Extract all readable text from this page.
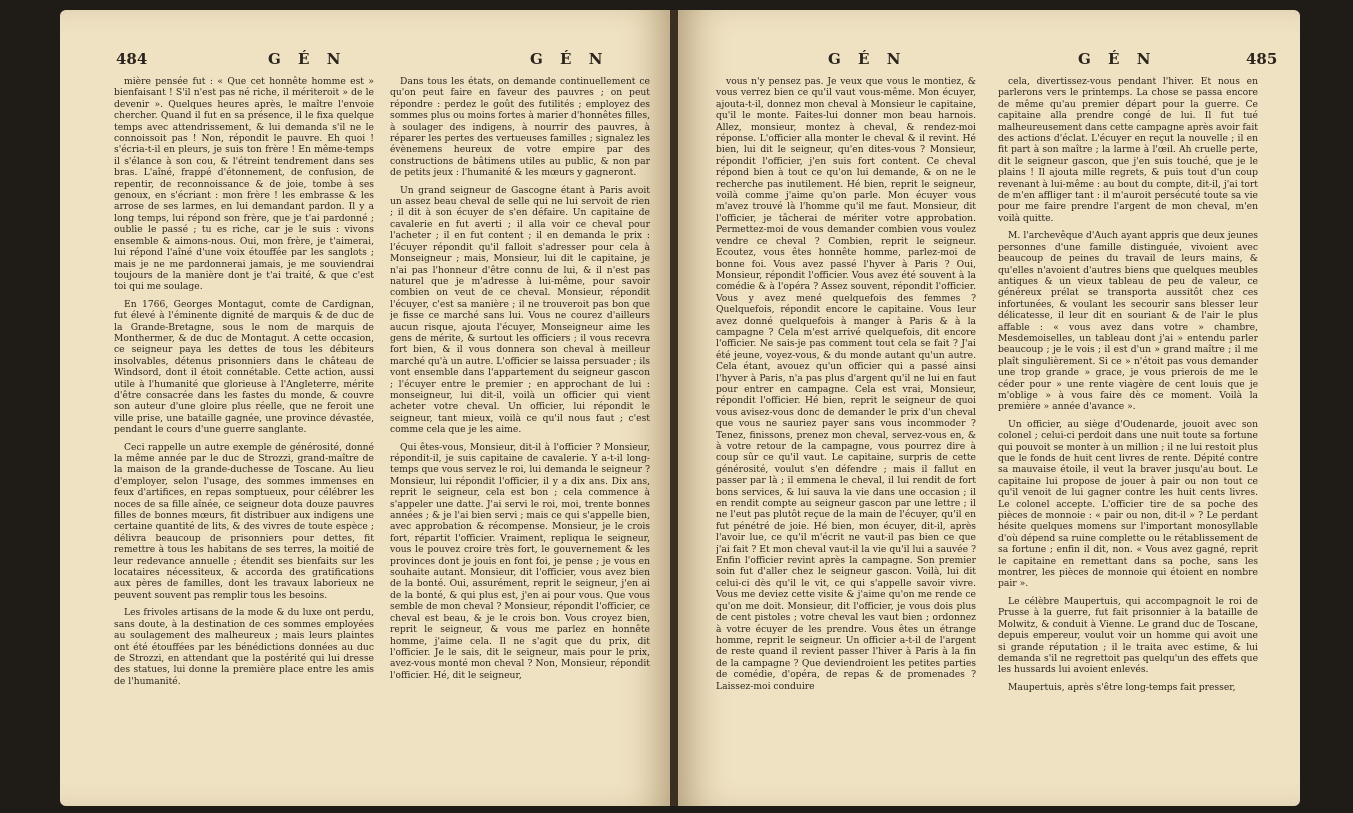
484	G É N	G É N

mière pensée fut : « Que cet honnête homme est » bienfaisant ! S'il n'est pas né riche, il mériteroit » de le devenir ». Quelques heures après, le maître l'envoie chercher. Quand il fut en sa présence, il le fixa quelque temps avec attendrissement, & lui demanda s'il ne le connoissoit pas ! Non, répondit le pauvre. Eh quoi ! s'écria-t-il en pleurs, je suis ton frère ! En même-temps il s'élance à son cou, & l'étreint tendrement dans ses bras. L'aîné, frappé d'étonnement, de confusion, de repentir, de reconnoissance & de joie, tombe à ses genoux, en s'écriant : mon frère ! les embrasse & les arrose de ses larmes, en lui demandant pardon. Il y a long temps, lui répond son frère, que je t'ai pardonné ; oublie le passé ; tu es riche, car je le suis : vivons ensemble & aimons-nous. Oui, mon frère, je t'aimerai, lui répond l'aîné d'une voix étouffée par les sanglots ; mais je ne me pardonnerai jamais, je me souviendrai toujours de la manière dont je t'ai traité, & que c'est toi qui me soulage.

En 1766, Georges Montagut, comte de Cardignan, fut élevé à l'éminente dignité de marquis & de duc de la Grande-Bretagne, sous le nom de marquis de Monthermer, & de duc de Montagut. A cette occasion, ce seigneur paya les dettes de tous les débiteurs insolvables, détenus prisonniers dans le château de Windsord, dont il étoit connétable. Cette action, aussi utile à l'humanité que glorieuse à l'Angleterre, mérite d'être consacrée dans les fastes du monde, & couvre son auteur d'une gloire plus réelle, que ne feroit une ville prise, une bataille gagnée, une province dévastée, pendant le cours d'une guerre sanglante.

Ceci rappelle un autre exemple de générosité, donné la même année par le duc de Strozzi, grand-maître de la maison de la grande-duchesse de Toscane. Au lieu d'employer, selon l'usage, des sommes immenses en feux d'artifices, en repas somptueux, pour célébrer les noces de sa fille aînée, ce seigneur dota douze pauvres filles de bonnes mœurs, fit distribuer aux indigens une certaine quantité de lits, & des vivres de toute espèce ; délivra beaucoup de prisonniers pour dettes, fit remettre à tous les habitans de ses terres, la moitié de leur redevance annuelle ; étendit ses bienfaits sur les locataires nécessiteux, & accorda des gratifications aux pères de familles, dont les travaux laborieux ne peuvent souvent pas remplir tous les besoins.

Les frivoles artisans de la mode & du luxe ont perdu, sans doute, à la destination de ces sommes employées au soulagement des malheureux ; mais leurs plaintes ont été étouffées par les bénédictions données au duc de Strozzi, en attendant que la postérité qui lui dresse des statues, lui donne la première place entre les amis de l'humanité.

Dans tous les états, on demande continuellement ce qu'on peut faire en faveur des pauvres ; on peut répondre : perdez le goût des futilités ; employez des sommes plus ou moins fortes à marier d'honnêtes filles, à soulager des indigens, à nourrir des pauvres, à réparer les pertes des vertueuses familles ; signalez les évènemens heureux de votre empire par des constructions de bâtimens utiles au public, & non par de petits jeux : l'humanité & les mœurs y gagneront.

Un grand seigneur de Gascogne étant à Paris avoit un assez beau cheval de selle qui ne lui servoit de rien ; il dit à son écuyer de s'en défaire. Un capitaine de cavalerie en fut averti ; il alla voir ce cheval pour l'acheter ; il en fut content ; il en demanda le prix : l'écuyer répondit qu'il falloit s'adresser pour cela à Monseigneur ; mais, Monsieur, lui dit le capitaine, je n'ai pas l'honneur d'être connu de lui, & il n'est pas naturel que je m'adresse à lui-même, pour savoir combien on veut de ce cheval. Monsieur, répondit l'écuyer, c'est sa manière ; il ne trouveroit pas bon que je fisse ce marché sans lui. Vous ne courez d'ailleurs aucun risque, ajouta l'écuyer, Monseigneur aime les gens de mérite, & surtout les officiers ; il vous recevra fort bien, & il vous donnera son cheval à meilleur marché qu'à un autre. L'officier se laissa persuader ; ils vont ensemble dans l'appartement du seigneur gascon ; l'écuyer entre le premier ; en approchant de lui : monseigneur, lui dit-il, voilà un officier qui vient acheter votre cheval. Un officier, lui répondit le seigneur, tant mieux, voilà ce qu'il nous faut ; c'est comme cela que je les aime.

Qui êtes-vous, Monsieur, dit-il à l'officier ? Monsieur, répondit-il, je suis capitaine de cavalerie. Y a-t-il long-temps que vous servez le roi, lui demanda le seigneur ? Monsieur, lui répondit l'officier, il y a dix ans. Dix ans, reprit le seigneur, cela est bon ; cela commence à s'appeler une datte. J'ai servi le roi, moi, trente bonnes années ; & je l'ai bien servi ; mais ce qui s'appelle bien, avec approbation & récompense. Monsieur, je le crois fort, répartit l'officier. Vraiment, repliqua le seigneur, vous le pouvez croire très fort, le gouvernement & les provinces dont je jouis en font foi, je pense ; je vous en souhaite autant. Monsieur, dit l'officier, vous avez bien de la bonté. Oui, assurément, reprit le seigneur, j'en ai de la bonté, & qui plus est, j'en ai pour vous. Que vous semble de mon cheval ? Monsieur, répondit l'officier, ce cheval est beau, & je le crois bon. Vous croyez bien, reprit le seigneur, & vous me parlez en honnête homme, j'aime cela. Il ne s'agit que du prix, dit l'officier. Je le sais, dit le seigneur, mais pour le prix, avez-vous monté mon cheval ? Non, Monsieur, répondit l'officier. Hé, dit le seigneur,

G É N	G É N	485

vous n'y pensez pas. Je veux que vous le montiez, & vous verrez bien ce qu'il vaut vous-même. Mon écuyer, ajouta-t-il, donnez mon cheval à Monsieur le capitaine, qu'il le monte. Faites-lui donner mon beau harnois. Allez, monsieur, montez à cheval, & rendez-moi réponse. L'officier alla monter le cheval & il revint. Hé bien, lui dit le seigneur, qu'en dites-vous ? Monsieur, répondit l'officier, j'en suis fort content. Ce cheval répond bien à tout ce qu'on lui demande, & on ne le recherche pas inutilement. Hé bien, reprit le seigneur, voilà comme j'aime qu'on parle. Mon écuyer vous m'avez trouvé là l'homme qu'il me faut. Monsieur, dit l'officier, je tâcherai de mériter votre approbation. Permettez-moi de vous demander combien vous voulez vendre ce cheval ? Combien, reprit le seigneur. Ecoutez, vous êtes honnête homme, parlez-moi de bonne foi. Vous avez passé l'hyver à Paris ? Oui, Monsieur, répondit l'officier. Vous avez été souvent à la comédie & à l'opéra ? Assez souvent, répondit l'officier. Vous y avez mené quelquefois des femmes ? Quelquefois, répondit encore le capitaine. Vous leur avez donné quelquefois à manger à Paris & à la campagne ? Cela m'est arrivé quelquefois, dit encore l'officier. Ne sais-je pas comment tout cela se fait ? J'ai été jeune, voyez-vous, & du monde autant qu'un autre. Cela étant, avouez qu'un officier qui a passé ainsi l'hyver à Paris, n'a pas plus d'argent qu'il ne lui en faut pour entrer en campagne. Cela est vrai, Monsieur, répondit l'officier. Hé bien, reprit le seigneur de quoi vous avisez-vous donc de demander le prix d'un cheval que vous ne sauriez payer sans vous incommoder ? Tenez, finissons, prenez mon cheval, servez-vous en, & à votre retour de la campagne, vous pourrez dire à coup sûr ce qu'il vaut. Le capitaine, surpris de cette générosité, voulut s'en défendre ; mais il fallut en passer par là ; il emmena le cheval, il lui rendit de fort bons services, & lui sauva la vie dans une occasion ; il en rendit compte au seigneur gascon par une lettre ; il ne l'eut pas plutôt reçue de la main de l'écuyer, qu'il en fut pénétré de joie. Hé bien, mon écuyer, dit-il, après l'avoir lue, ce qu'il m'écrit ne vaut-il pas bien ce que j'ai fait ? Et mon cheval vaut-il la vie qu'il lui a sauvée ? Enfin l'officier revint après la campagne. Son premier soin fut d'aller chez le seigneur gascon. Voilà, lui dit celui-ci dès qu'il le vit, ce qui s'appelle savoir vivre. Vous me deviez cette visite & j'aime qu'on me rende ce qu'on me doit. Monsieur, dit l'officier, je vous dois plus de cent pistoles ; votre cheval les vaut bien ; ordonnez à votre écuyer de les prendre. Vous êtes un étrange homme, reprit le seigneur. Un officier a-t-il de l'argent de reste quand il revient passer l'hiver à Paris à la fin de la campagne ? Que deviendroient les petites parties de comédie, d'opéra, de repas & de promenades ? Laissez-moi conduire

cela, divertissez-vous pendant l'hiver. Et nous en parlerons vers le printemps. La chose se passa encore de même qu'au premier départ pour la guerre. Ce capitaine alla prendre congé de lui. Il fut tué malheureusement dans cette campagne après avoir fait des actions d'éclat. L'écuyer en reçut la nouvelle ; il en fit part à son maître ; la larme à l'œil. Ah cruelle perte, dit le seigneur gascon, que j'en suis touché, que je le plains ! Il ajouta mille regrets, & puis tout d'un coup revenant à lui-même : au bout du compte, dit-il, j'ai tort de m'en affliger tant : il m'auroit persécuté toute sa vie pour me faire prendre l'argent de mon cheval, m'en voilà quitte.

M. l'archevêque d'Auch ayant appris que deux jeunes personnes d'une famille distinguée, vivoient avec beaucoup de peines du travail de leurs mains, & qu'elles n'avoient d'autres biens que quelques meubles antiques & un vieux tableau de peu de valeur, ce généreux prélat se transporta aussitôt chez ces infortunées, & voulant les secourir sans blesser leur délicatesse, il leur dit en souriant & de l'air le plus affable : « vous avez dans votre » chambre, Mesdemoiselles, un tableau dont j'ai » entendu parler beaucoup ; je le vois ; il est d'un » grand maître ; il me plaît singulièrement. Si ce » n'étoit pas vous demander une trop grande » grace, je vous prierois de me le céder pour » une rente viagère de cent louis que je m'oblige » à vous faire dès ce moment. Voilà la première » année d'avance ».

Un officier, au siège d'Oudenarde, jouoit avec son colonel ; celui-ci perdoit dans une nuit toute sa fortune qui pouvoit se monter à un million ; il ne lui restoit plus que le fonds de huit cent livres de rente. Dépité contre sa mauvaise étoile, il veut la braver jusqu'au bout. Le capitaine lui propose de jouer à pair ou non tout ce qu'il venoit de lui gagner contre les huit cents livres. Le colonel accepte. L'officier tire de sa poche des pièces de monnoie : « pair ou non, dit-il » ? Le perdant hésite quelques momens sur l'important monosyllable d'où dépend sa ruine complette ou le rétablissement de sa fortune ; enfin il dit, non. « Vous avez gagné, reprit le capitaine en remettant dans sa poche, sans les montrer, les pièces de monnoie qui étoient en nombre pair ».

Le célèbre Maupertuis, qui accompagnoit le roi de Prusse à la guerre, fut fait prisonnier à la bataille de Molwitz, & conduit à Vienne. Le grand duc de Toscane, depuis empereur, voulut voir un homme qui avoit une si grande réputation ; il le traita avec estime, & lui demanda s'il ne regrettoit pas quelqu'un des effets que les hussards lui avoient enlevés.

Maupertuis, après s'être long-temps fait presser,
